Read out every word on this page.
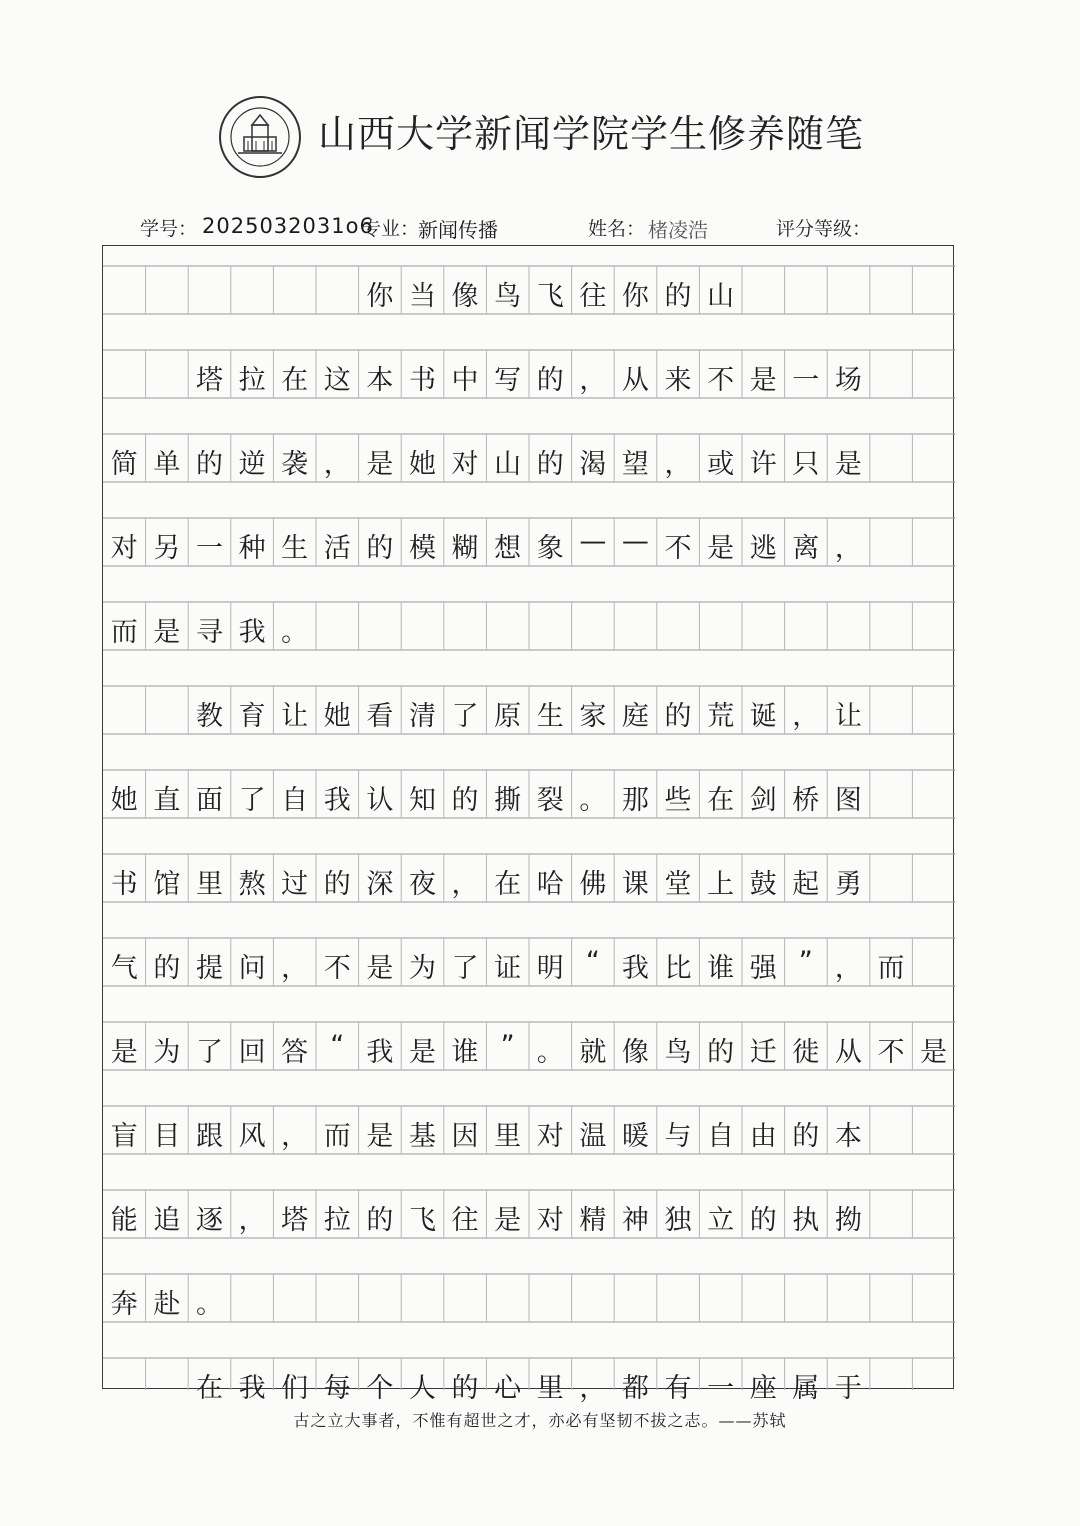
山西大学新闻学院学生修养随笔
学号： 2025032031o6
专业：
新闻传播	姓名： 楮凌浩	评分等级：
你 当 像 鸟 飞 往 你 的 山
塔 拉 在 这 本 书 中 写 的 ， 从 来 不 是 一 场
简 单 的 逆 袭 ， 是 她 对 山 的 渴 望 ， 或 许 只 是
对 另 一 种 生 活 的 模 糊 想 象 — — 不 是 逃 离 ，
而 是 寻 我 。
教 育 让 她 看 清 了 原 生 家 庭 的 荒 诞 ， 让
她 直 面 了 自 我 认 知 的 撕 裂 。 那 些 在 剑 桥 图
书 馆 里 熬 过 的 深 夜 ， 在 哈 佛 课 堂 上 鼓 起 勇
气 的 提 问 ， 不 是 为 了 证 明 “ 我 比 谁 强 ” ， 而
是 为 了 回 答 “ 我 是 谁 ” 。 就 像 鸟 的 迁 徙 从 不 是
盲 目 跟 风 ， 而 是 基 因 里 对 温 暖 与 自 由 的 本
能 追 逐 ， 塔 拉 的 飞 往 是 对 精 神 独 立 的 执 拗
奔 赴 。
在 我 们 每 个 人 的 心 里 ， 都 有 一 座 属 于
古之立大事者，不惟有超世之才，亦必有坚韧不拔之志。——苏轼
